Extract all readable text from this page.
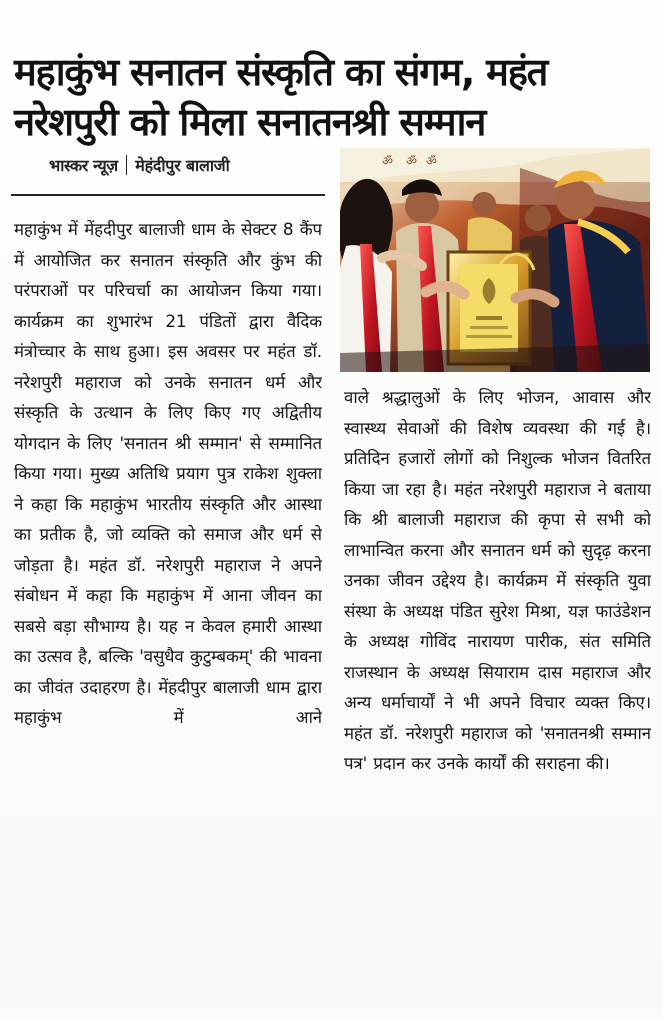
महाकुंभ सनातन संस्कृति का संगम, महंत
नरेशपुरी को मिला सनातनश्री सम्मान
भास्कर न्यूज़ मेहंदीपुर बालाजी	ॐ ॐ ॐ
महाकुंभ में मेंहदीपुर बालाजी धाम के सेक्टर 8 कैंप में आयोजित कर सनातन संस्कृति और कुंभ की परंपराओं पर परिचर्चा का आयोजन किया गया। कार्यक्रम का शुभारंभ 21 पंडितों द्वारा वैदिक मंत्रोच्चार के साथ हुआ। इस अवसर पर महंत डॉ. नरेशपुरी महाराज को उनके सनातन धर्म और संस्कृति के उत्थान के लिए किए गए अद्वितीय योगदान के लिए 'सनातन श्री सम्मान' से सम्मानित किया गया। मुख्य अतिथि प्रयाग पुत्र राकेश शुक्ला ने कहा कि महाकुंभ भारतीय संस्कृति और आस्था का प्रतीक है, जो व्यक्ति को समाज और धर्म से जोड़ता है। महंत डॉ. नरेशपुरी महाराज ने अपने संबोधन में कहा कि महाकुंभ में आना जीवन का सबसे बड़ा सौभाग्य है। यह न केवल हमारी आस्था का उत्सव है, बल्कि 'वसुधैव कुटुम्बकम्' की भावना का जीवंत उदाहरण है। मेंहदीपुर बालाजी धाम द्वारा महाकुंभ में आने
वाले श्रद्धालुओं के लिए भोजन, आवास और स्वास्थ्य सेवाओं की विशेष व्यवस्था की गई है। प्रतिदिन हजारों लोगों को निशुल्क भोजन वितरित किया जा रहा है। महंत नरेशपुरी महाराज ने बताया कि श्री बालाजी महाराज की कृपा से सभी को लाभान्वित करना और सनातन धर्म को सुदृढ़ करना उनका जीवन उद्देश्य है। कार्यक्रम में संस्कृति युवा संस्था के अध्यक्ष पंडित सुरेश मिश्रा, यज्ञ फाउंडेशन के अध्यक्ष गोविंद नारायण पारीक, संत समिति राजस्थान के अध्यक्ष सियाराम दास महाराज और अन्य धर्माचार्यों ने भी अपने विचार व्यक्त किए। महंत डॉ. नरेशपुरी महाराज को 'सनातनश्री सम्मान पत्र' प्रदान कर उनके कार्यों की सराहना की।
